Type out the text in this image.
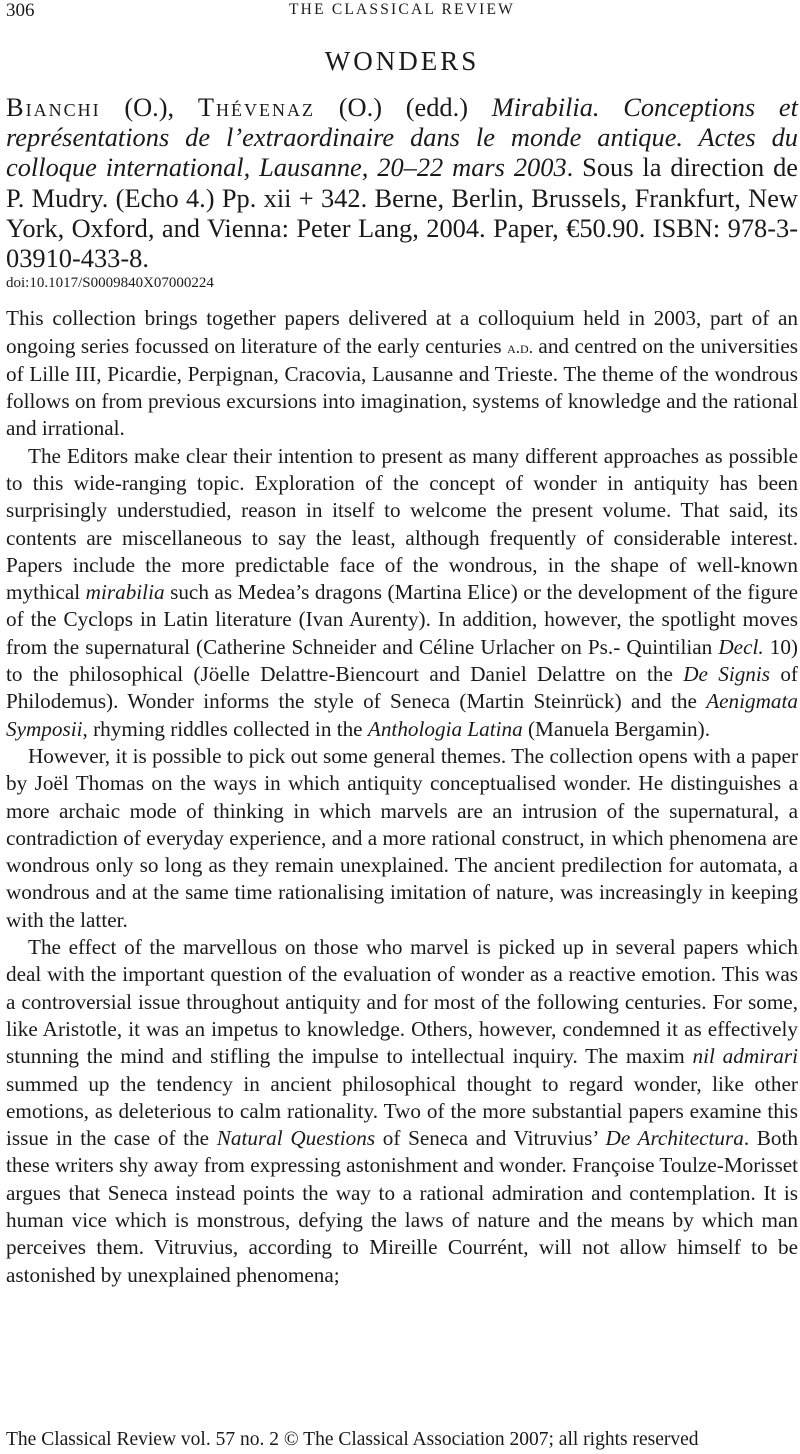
306	THE CLASSICAL REVIEW
WONDERS
Bianchi (O.), Thévenaz (O.) (edd.) Mirabilia. Conceptions et représentations de l’extraordinaire dans le monde antique. Actes du colloque international, Lausanne, 20–22 mars 2003. Sous la direction de P. Mudry. (Echo 4.) Pp. xii + 342. Berne, Berlin, Brussels, Frankfurt, New York, Oxford, and Vienna: Peter Lang, 2004. Paper, €50.90. ISBN: 978-3-03910-433-8.
doi:10.1017/S0009840X07000224

This collection brings together papers delivered at a colloquium held in 2003, part of an ongoing series focussed on literature of the early centuries a.d. and centred on the universities of Lille III, Picardie, Perpignan, Cracovia, Lausanne and Trieste. The theme of the wondrous follows on from previous excursions into imagination, systems of knowledge and the rational and irrational.

The Editors make clear their intention to present as many different approaches as possible to this wide-ranging topic. Exploration of the concept of wonder in antiquity has been surprisingly understudied, reason in itself to welcome the present volume. That said, its contents are miscellaneous to say the least, although frequently of considerable interest. Papers include the more predictable face of the wondrous, in the shape of well-known mythical mirabilia such as Medea’s dragons (Martina Elice) or the development of the figure of the Cyclops in Latin literature (Ivan Aurenty). In addition, however, the spotlight moves from the supernatural (Catherine Schneider and Céline Urlacher on Ps.- Quintilian Decl. 10) to the philosophical (Jöelle Delattre-Biencourt and Daniel Delattre on the De Signis of Philodemus). Wonder informs the style of Seneca (Martin Steinrück) and the Aenigmata Symposii, rhyming riddles collected in the Anthologia Latina (Manuela Bergamin).

However, it is possible to pick out some general themes. The collection opens with a paper by Joël Thomas on the ways in which antiquity conceptualised wonder. He distinguishes a more archaic mode of thinking in which marvels are an intrusion of the supernatural, a contradiction of everyday experience, and a more rational construct, in which phenomena are wondrous only so long as they remain unexplained. The ancient predilection for automata, a wondrous and at the same time rationalising imitation of nature, was increasingly in keeping with the latter.

The effect of the marvellous on those who marvel is picked up in several papers which deal with the important question of the evaluation of wonder as a reactive emotion. This was a controversial issue throughout antiquity and for most of the following centuries. For some, like Aristotle, it was an impetus to knowledge. Others, however, condemned it as effectively stunning the mind and stifling the impulse to intellectual inquiry. The maxim nil admirari summed up the tendency in ancient philosophical thought to regard wonder, like other emotions, as deleterious to calm rationality. Two of the more substantial papers examine this issue in the case of the Natural Questions of Seneca and Vitruvius’ De Architectura. Both these writers shy away from expressing astonishment and wonder. Françoise Toulze-Morisset argues that Seneca instead points the way to a rational admiration and contemplation. It is human vice which is monstrous, defying the laws of nature and the means by which man perceives them. Vitruvius, according to Mireille Courrént, will not allow himself to be astonished by unexplained phenomena;

The Classical Review vol. 57 no. 2 © The Classical Association 2007; all rights reserved
